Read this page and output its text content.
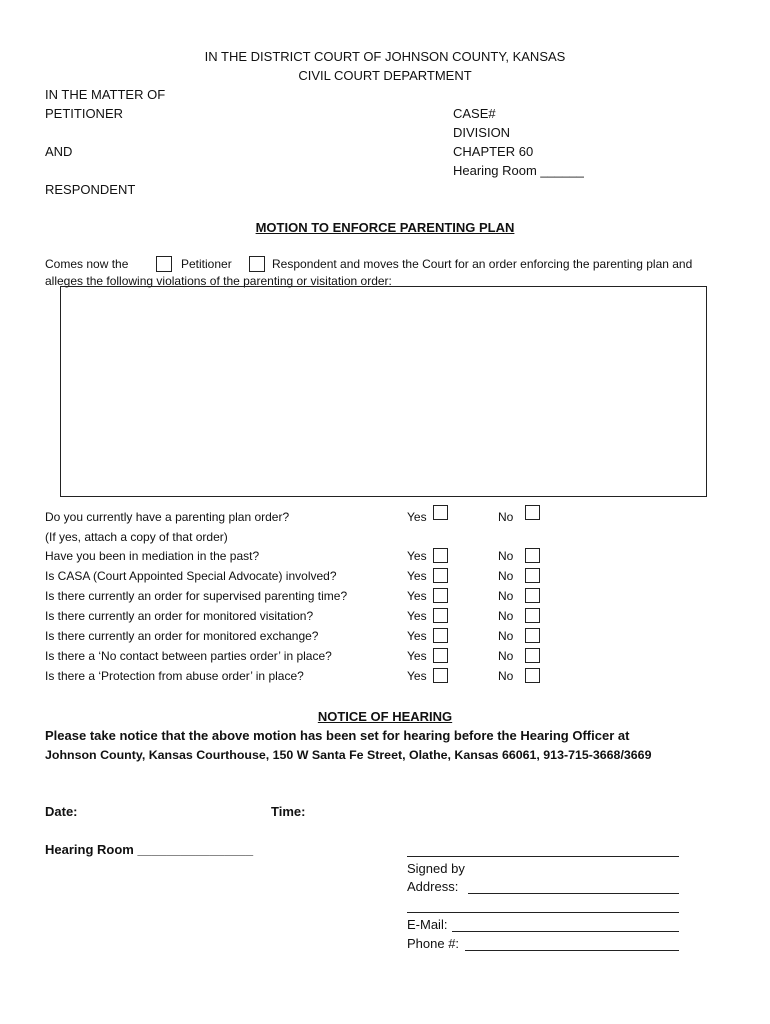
IN THE DISTRICT COURT OF JOHNSON COUNTY, KANSAS
CIVIL COURT DEPARTMENT
IN THE MATTER OF
PETITIONER
AND
RESPONDENT
CASE#
DIVISION
CHAPTER 60
Hearing Room ______
MOTION TO ENFORCE PARENTING PLAN
Comes now the	Petitioner	Respondent and moves the Court for an order enforcing the parenting plan and
alleges the following violations of the parenting or visitation order:
Do you currently have a parenting plan order?	Yes	No
(If yes, attach a copy of that order)
Have you been in mediation in the past?	Yes	No
Is CASA (Court Appointed Special Advocate) involved?	Yes	No
Is there currently an order for supervised parenting time?	Yes	No
Is there currently an order for monitored visitation?	Yes	No
Is there currently an order for monitored exchange?	Yes	No
Is there a ‘No contact between parties order’ in place?	Yes	No
Is there a ‘Protection from abuse order’ in place?	Yes	No
NOTICE OF HEARING
Please take notice that the above motion has been set for hearing before the Hearing Officer at
Johnson County, Kansas Courthouse, 150 W Santa Fe Street, Olathe, Kansas 66061, 913-715-3668/3669
Date:	Time:
Hearing Room ________________
Signed by
Address:
E-Mail:
Phone #:
